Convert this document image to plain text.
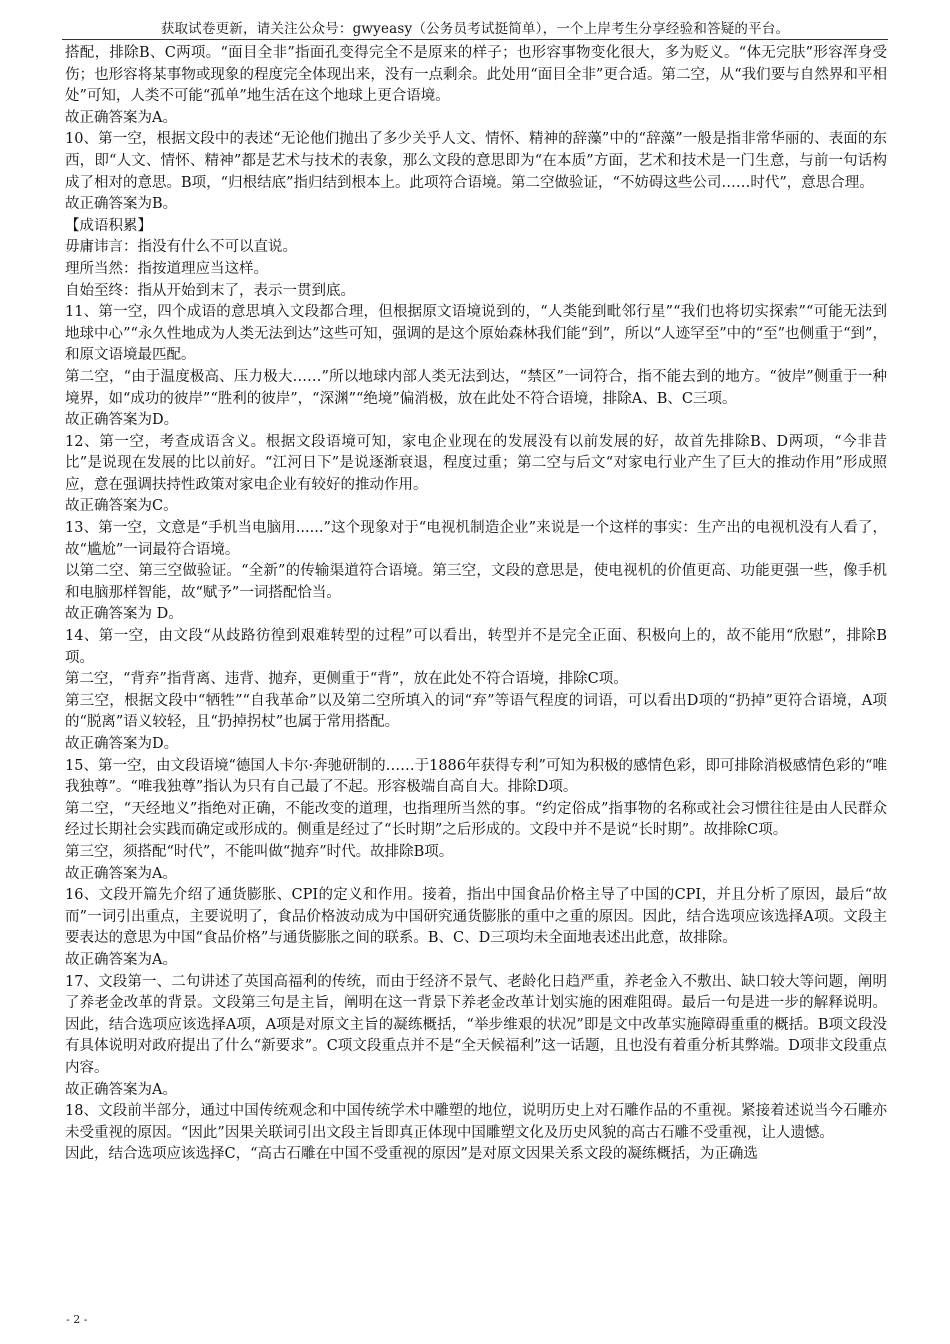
获取试卷更新，请关注公众号：gwyeasy（公务员考试挺简单），一个上岸考生分享经验和答疑的平台。

搭配，排除B、C两项。“面目全非”指面孔变得完全不是原来的样子；也形容事物变化很大，多为贬义。“体无完肤”形容浑身受伤；也形容将某事物或现象的程度完全体现出来，没有一点剩余。此处用“面目全非”更合适。第二空，从“我们要与自然界和平相处”可知，人类不可能“孤单”地生活在这个地球上更合语境。

故正确答案为A。

10、第一空，根据文段中的表述“无论他们抛出了多少关乎人文、情怀、精神的辞藻”中的“辞藻”一般是指非常华丽的、表面的东西，即“人文、情怀、精神”都是艺术与技术的表象，那么文段的意思即为“在本质”方面，艺术和技术是一门生意，与前一句话构成了相对的意思。B项，“归根结底”指归结到根本上。此项符合语境。第二空做验证，“不妨碍这些公司……时代”，意思合理。

故正确答案为B。

【成语积累】

毋庸讳言：指没有什么不可以直说。

理所当然：指按道理应当这样。

自始至终：指从开始到末了，表示一贯到底。

11、第一空，四个成语的意思填入文段都合理，但根据原文语境说到的，“人类能到毗邻行星”“我们也将切实探索”“可能无法到地球中心”“永久性地成为人类无法到达”这些可知，强调的是这个原始森林我们能“到”，所以“人迹罕至”中的“至”也侧重于“到”，和原文语境最匹配。

第二空，“由于温度极高、压力极大……”所以地球内部人类无法到达，“禁区”一词符合，指不能去到的地方。“彼岸”侧重于一种境界，如“成功的彼岸”“胜利的彼岸”，“深渊”“绝境”偏消极，放在此处不符合语境，排除A、B、C三项。

故正确答案为D。

12、第一空，考查成语含义。根据文段语境可知，家电企业现在的发展没有以前发展的好，故首先排除B、D两项，“今非昔比”是说现在发展的比以前好。“江河日下”是说逐渐衰退，程度过重；第二空与后文“对家电行业产生了巨大的推动作用”形成照应，意在强调扶持性政策对家电企业有较好的推动作用。

故正确答案为C。

13、第一空，文意是“手机当电脑用......”这个现象对于“电视机制造企业”来说是一个这样的事实：生产出的电视机没有人看了，故“尴尬”一词最符合语境。

以第二空、第三空做验证。“全新”的传输渠道符合语境。第三空，文段的意思是，使电视机的价值更高、功能更强一些，像手机和电脑那样智能，故“赋予”一词搭配恰当。

故正确答案为 D。

14、第一空，由文段“从歧路彷徨到艰难转型的过程”可以看出，转型并不是完全正面、积极向上的，故不能用“欣慰”，排除B项。

第二空，“背弃”指背离、违背、抛弃，更侧重于“背”，放在此处不符合语境，排除C项。

第三空，根据文段中“牺牲”“自我革命”以及第二空所填入的词“弃”等语气程度的词语，可以看出D项的“扔掉”更符合语境，A项的“脱离”语义较轻，且“扔掉拐杖”也属于常用搭配。

故正确答案为D。

15、第一空，由文段语境“德国人卡尔·奔驰研制的……于1886年获得专利”可知为积极的感情色彩，即可排除消极感情色彩的“唯我独尊”。“唯我独尊”指认为只有自己最了不起。形容极端自高自大。排除D项。

第二空，“天经地义”指绝对正确，不能改变的道理，也指理所当然的事。“约定俗成”指事物的名称或社会习惯往往是由人民群众经过长期社会实践而确定或形成的。侧重是经过了“长时期”之后形成的。文段中并不是说“长时期”。故排除C项。

第三空，须搭配“时代”，不能叫做“抛弃”时代。故排除B项。

故正确答案为A。

16、文段开篇先介绍了通货膨胀、CPI的定义和作用。接着，指出中国食品价格主导了中国的CPI，并且分析了原因，最后“故而”一词引出重点，主要说明了，食品价格波动成为中国研究通货膨胀的重中之重的原因。因此，结合选项应该选择A项。文段主要表达的意思为中国“食品价格”与通货膨胀之间的联系。B、C、D三项均未全面地表述出此意，故排除。

故正确答案为A。

17、文段第一、二句讲述了英国高福利的传统，而由于经济不景气、老龄化日趋严重，养老金入不敷出、缺口较大等问题，阐明了养老金改革的背景。文段第三句是主旨，阐明在这一背景下养老金改革计划实施的困难阻碍。最后一句是进一步的解释说明。因此，结合选项应该选择A项，A项是对原文主旨的凝练概括，“举步维艰的状况”即是文中改革实施障碍重重的概括。B项文段没有具体说明对政府提出了什么“新要求”。C项文段重点并不是“全天候福利”这一话题，且也没有着重分析其弊端。D项非文段重点内容。

故正确答案为A。

18、文段前半部分，通过中国传统观念和中国传统学术中雕塑的地位，说明历史上对石雕作品的不重视。紧接着述说当今石雕亦未受重视的原因。“因此”因果关联词引出文段主旨即真正体现中国雕塑文化及历史风貌的高古石雕不受重视，让人遗憾。

因此，结合选项应该选择C，“高古石雕在中国不受重视的原因”是对原文因果关系文段的凝练概括，为正确选

- 2 -
